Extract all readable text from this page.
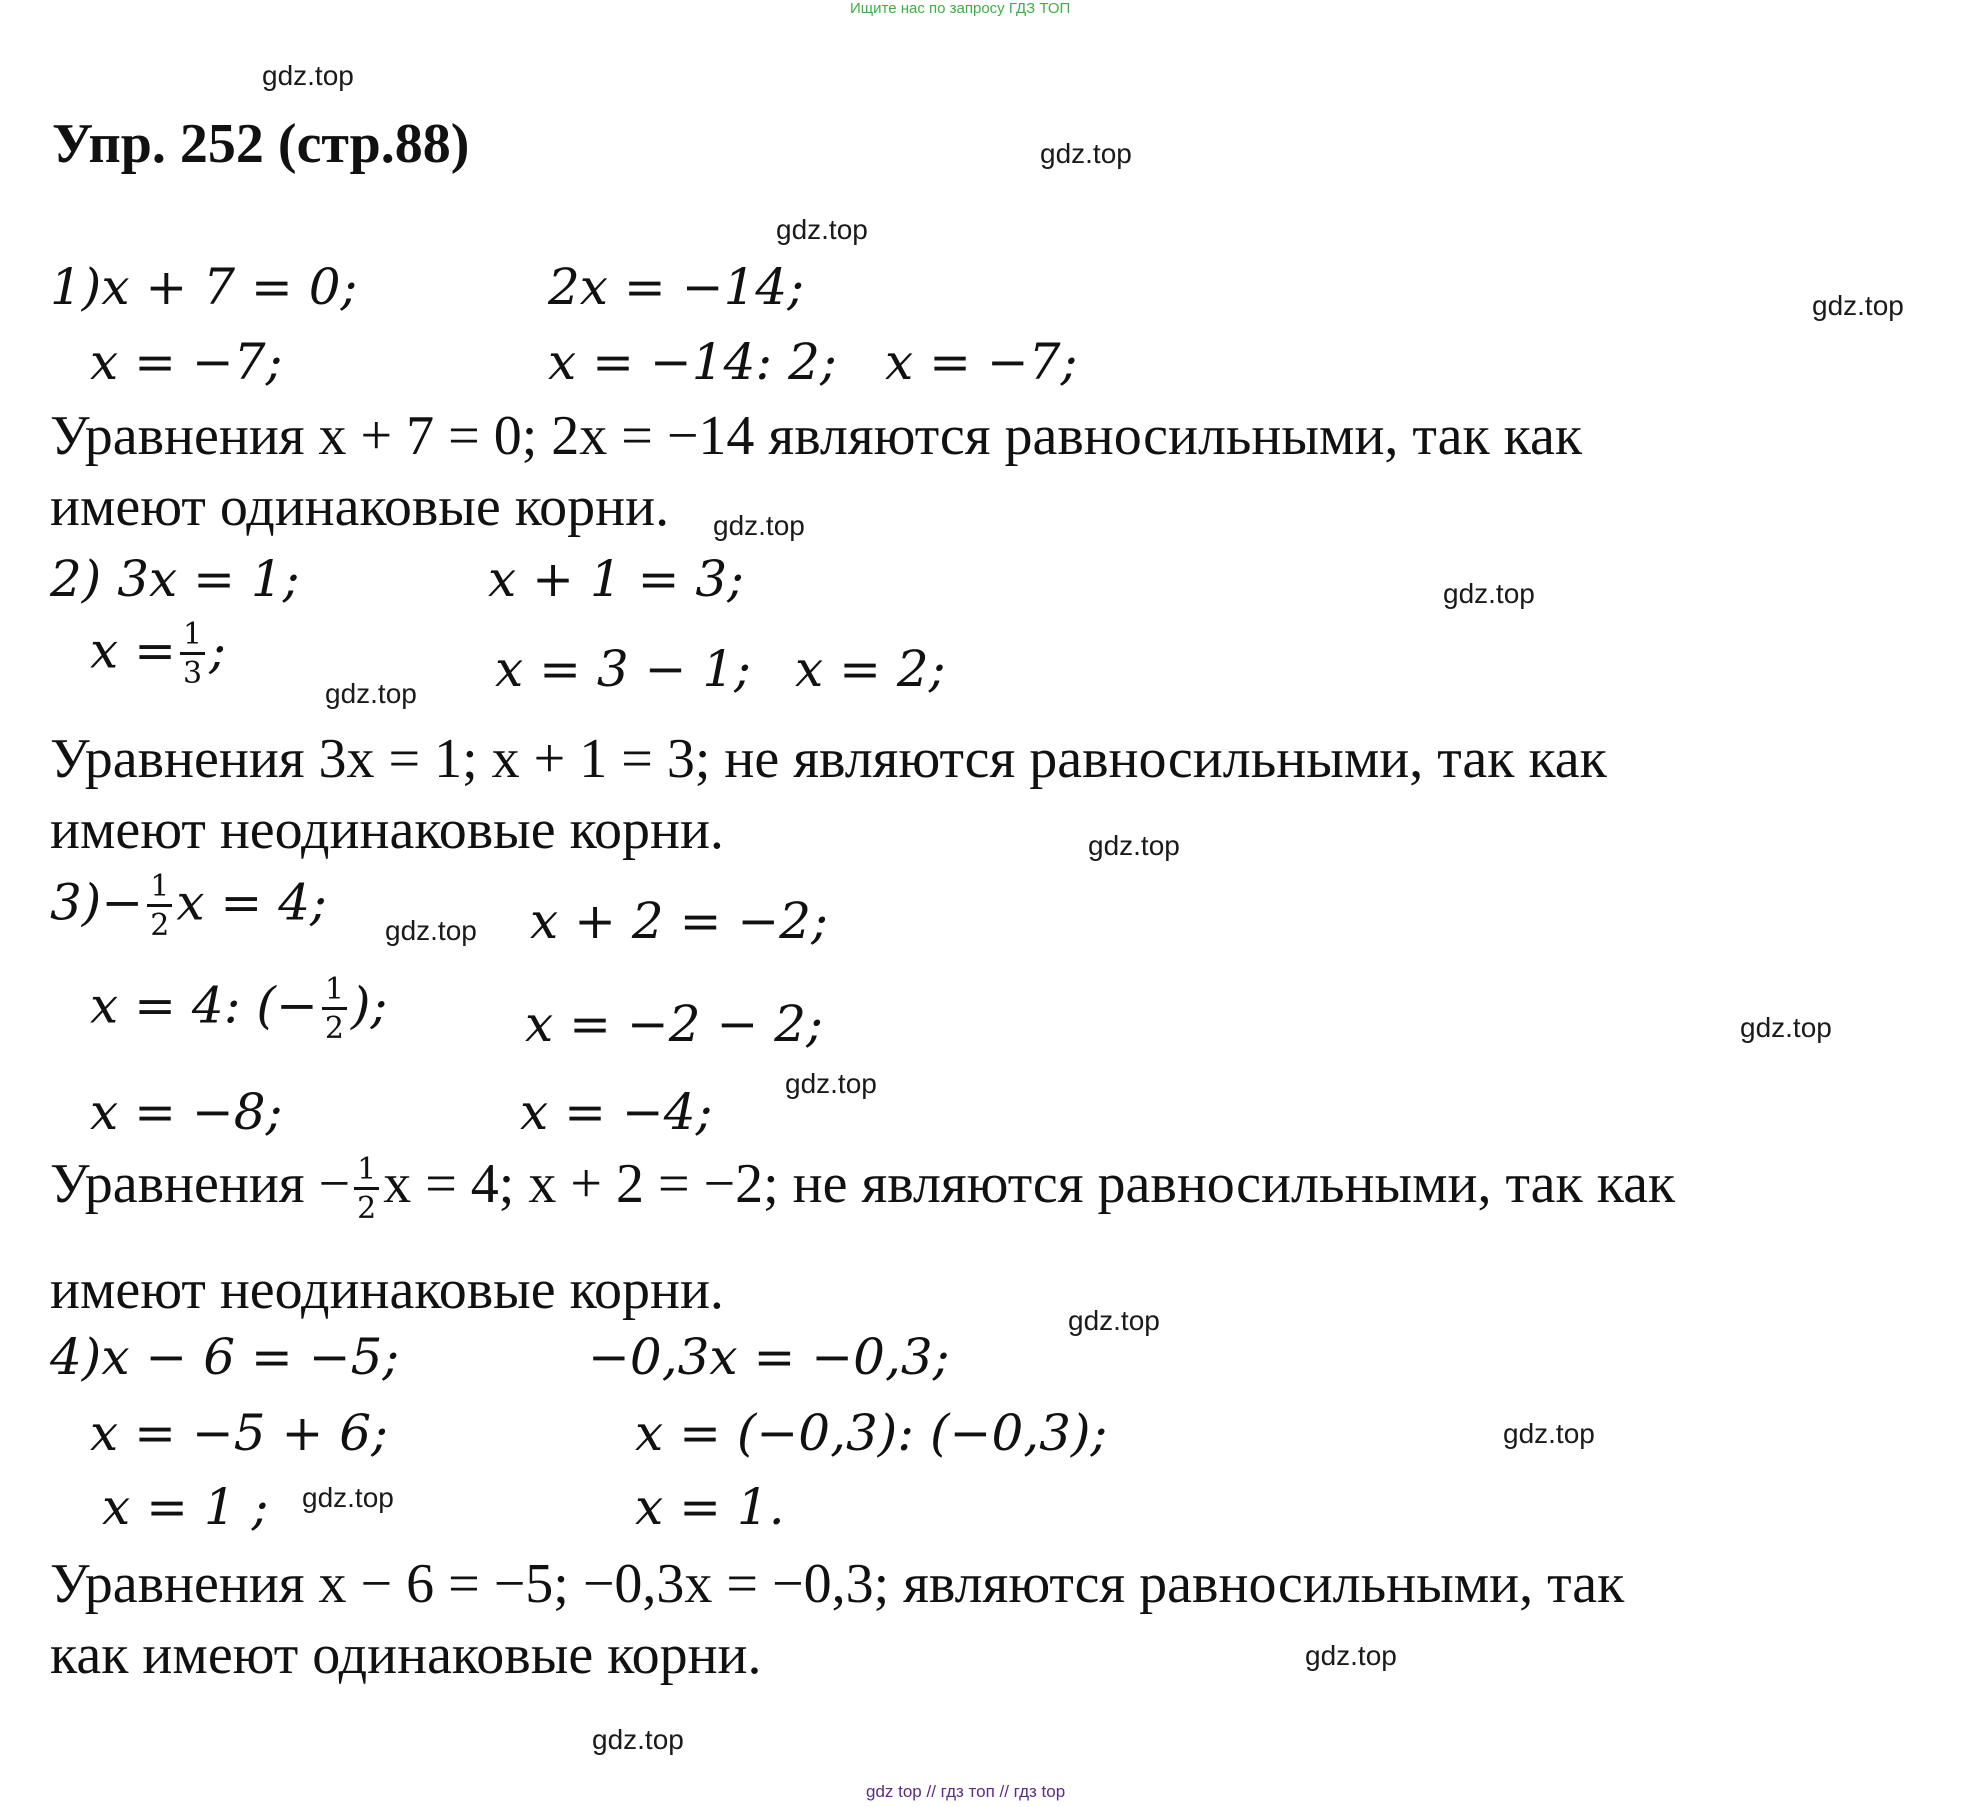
Ищите нас по запросу ГДЗ ТОП
Упр. 252 (стр.88)
gdz.top
gdz.top
gdz.top
gdz.top
gdz.top
gdz.top
gdz.top
gdz.top
gdz.top
gdz.top
gdz.top
gdz.top
gdz.top
gdz.top
gdz.top
gdz.top
1)x + 7 = 0;	2x = −14;
x = −7;	x = −14: 2; x = −7;
Уравнения x + 7 = 0; 2x = −14 являются равносильными, так как
имеют одинаковые корни.
2) 3x = 1;	x + 1 = 3;
$x = \frac{1}{3}$ ;	x = 3 − 1; x = 2;
Уравнения 3x = 1; x + 1 = 3; не являются равносильными, так как
имеют неодинаковые корни.
$3)- \frac{1}{2}$ x = 4;	x + 2 = −2;
x = 4: (− $\frac{1}{2}$ );	x = −2 − 2;
x = −8;	x = −4;
Уравнения − $\frac{1}{2}$ x = 4; x + 2 = −2; не являются равносильными, так как
имеют неодинаковые корни.
4)x − 6 = −5;	−0,3x = −0,3;
x = −5 + 6;	x = (−0,3): (−0,3);
x = 1 ;	x = 1.
Уравнения x − 6 = −5; −0,3x = −0,3; являются равносильными, так
как имеют одинаковые корни.
gdz top // гдз топ // гдз top
